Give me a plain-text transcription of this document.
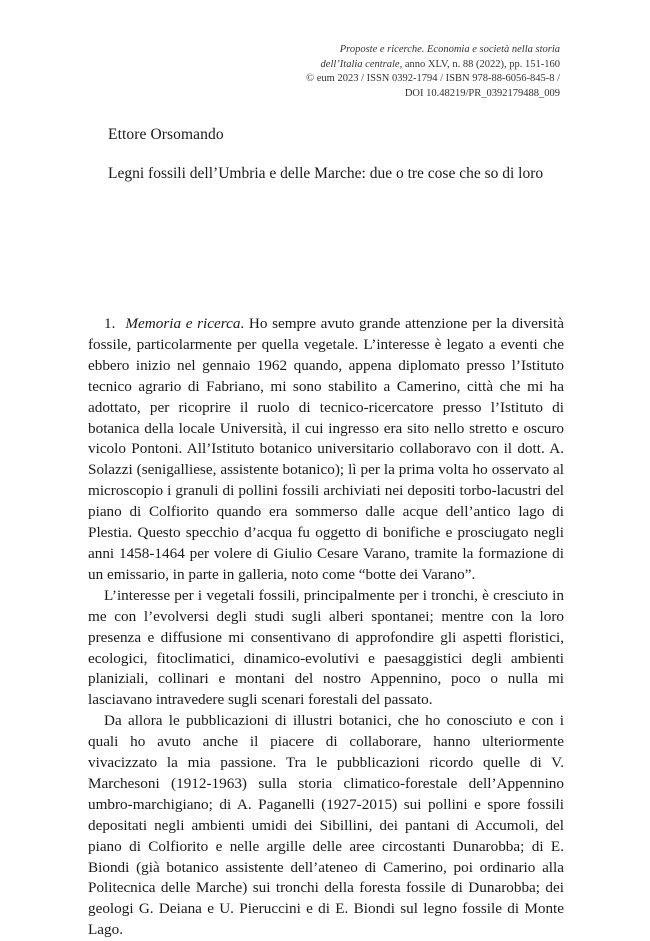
Proposte e ricerche. Economia e società nella storia
dell’Italia centrale, anno XLV, n. 88 (2022), pp. 151-160
© eum 2023 / ISSN 0392-1794 / ISBN 978-88-6056-845-8 /
DOI 10.48219/PR_0392179488_009
Ettore Orsomando
Legni fossili dell’Umbria e delle Marche: due o tre cose che so di loro

1. Memoria e ricerca. Ho sempre avuto grande attenzione per la diversità fossile, particolarmente per quella vegetale. L’interesse è legato a eventi che ebbero inizio nel gennaio 1962 quando, appena diplomato presso l’Istituto tecnico agrario di Fabriano, mi sono stabilito a Camerino, città che mi ha adottato, per ricoprire il ruolo di tecnico-ricercatore presso l’Istituto di botanica della locale Università, il cui ingresso era sito nello stretto e oscuro vicolo Pontoni. All’Istituto botanico universitario collaboravo con il dott. A. Solazzi (senigalliese, assistente botanico); lì per la prima volta ho osservato al microscopio i granuli di pollini fossili archiviati nei depositi torbo-lacustri del piano di Colfiorito quando era sommerso dalle acque dell’antico lago di Plestia. Questo specchio d’acqua fu oggetto di bonifiche e prosciugato negli anni 1458-1464 per volere di Giulio Cesare Varano, tramite la formazione di un emissario, in parte in galleria, noto come “botte dei Varano”.

L’interesse per i vegetali fossili, principalmente per i tronchi, è cresciuto in me con l’evolversi degli studi sugli alberi spontanei; mentre con la loro presenza e diffusione mi consentivano di approfondire gli aspetti floristici, ecologici, fitoclimatici, dinamico-evolutivi e paesaggistici degli ambienti planiziali, collinari e montani del nostro Appennino, poco o nulla mi lasciavano intravedere sugli scenari forestali del passato.

Da allora le pubblicazioni di illustri botanici, che ho conosciuto e con i quali ho avuto anche il piacere di collaborare, hanno ulteriormente vivacizzato la mia passione. Tra le pubblicazioni ricordo quelle di V. Marchesoni (1912-1963) sulla storia climatico-forestale dell’Appennino umbro-marchigiano; di A. Paganelli (1927-2015) sui pollini e spore fossili depositati negli ambienti umidi dei Sibillini, dei pantani di Accumoli, del piano di Colfiorito e nelle argille delle aree circostanti Dunarobba; di E. Biondi (già botanico assistente dell’ateneo di Camerino, poi ordinario alla Politecnica delle Marche) sui tronchi della foresta fossile di Dunarobba; dei geologi G. Deiana e U. Pieruccini e di E. Biondi sul legno fossile di Monte Lago.
